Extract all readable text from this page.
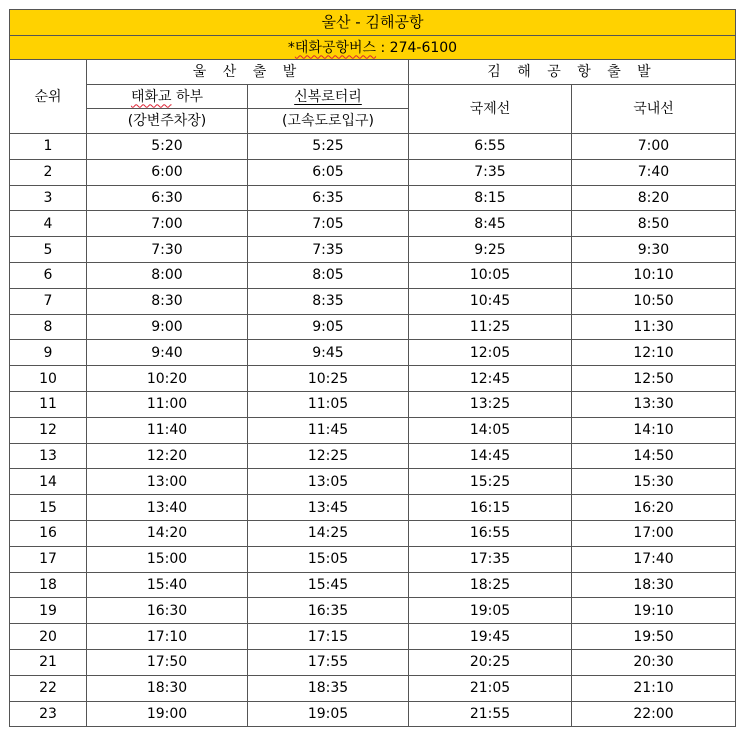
울산 - 김해공항				
*태화공항버스 : 274-6100				
순위	울 산 출 발		김 해 공 항 출 발	
	태화교 하부	신복로터리	국제선	국내선
	(강변주차장)	(고속도로입구)		
1	5:20	5:25	6:55	7:00
2	6:00	6:05	7:35	7:40
3	6:30	6:35	8:15	8:20
4	7:00	7:05	8:45	8:50
5	7:30	7:35	9:25	9:30
6	8:00	8:05	10:05	10:10
7	8:30	8:35	10:45	10:50
8	9:00	9:05	11:25	11:30
9	9:40	9:45	12:05	12:10
10	10:20	10:25	12:45	12:50
11	11:00	11:05	13:25	13:30
12	11:40	11:45	14:05	14:10
13	12:20	12:25	14:45	14:50
14	13:00	13:05	15:25	15:30
15	13:40	13:45	16:15	16:20
16	14:20	14:25	16:55	17:00
17	15:00	15:05	17:35	17:40
18	15:40	15:45	18:25	18:30
19	16:30	16:35	19:05	19:10
20	17:10	17:15	19:45	19:50
21	17:50	17:55	20:25	20:30
22	18:30	18:35	21:05	21:10
23	19:00	19:05	21:55	22:00
